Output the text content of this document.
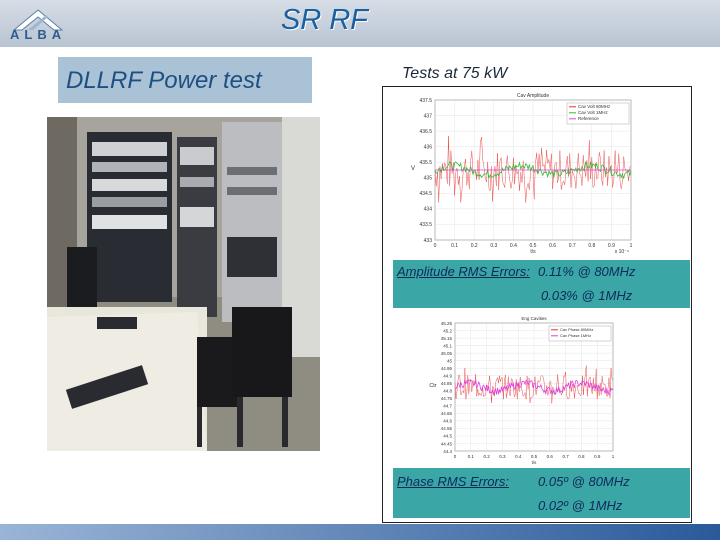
ALBA	SR RF
DLLRF Power test	Tests at 75 kW
Cav Amplitude
437.5
437
436.5
436
435.5
435
434.5
434
433.5
433
0	0.1	0.2	0.3	0.4	0.5	0.6	0.7	0.8	0.9	1
t/s
V
x 10⁻⁴
Cav Volt 80MHz
Cav Volt 1MHz
Reference
Amplitude RMS Errors: 0.11% @ 80MHz
0.03% @ 1MHz
Eng Cavities
45.25
45.2
45.15
45.1
45.05
45
44.95
44.9
44.85
44.8
44.75
44.7
44.65
44.6
44.55
44.5
44.45
44.4
0	0.1 0.2 0.3 0.4 0.5 0.6 0.7 0.8 0.9	1
t/s
Ctr
Cav Phase 80MHz
Cav Phase 1MHz
Phase RMS Errors: 0.05º @ 80MHz
0.02º @ 1MHz
